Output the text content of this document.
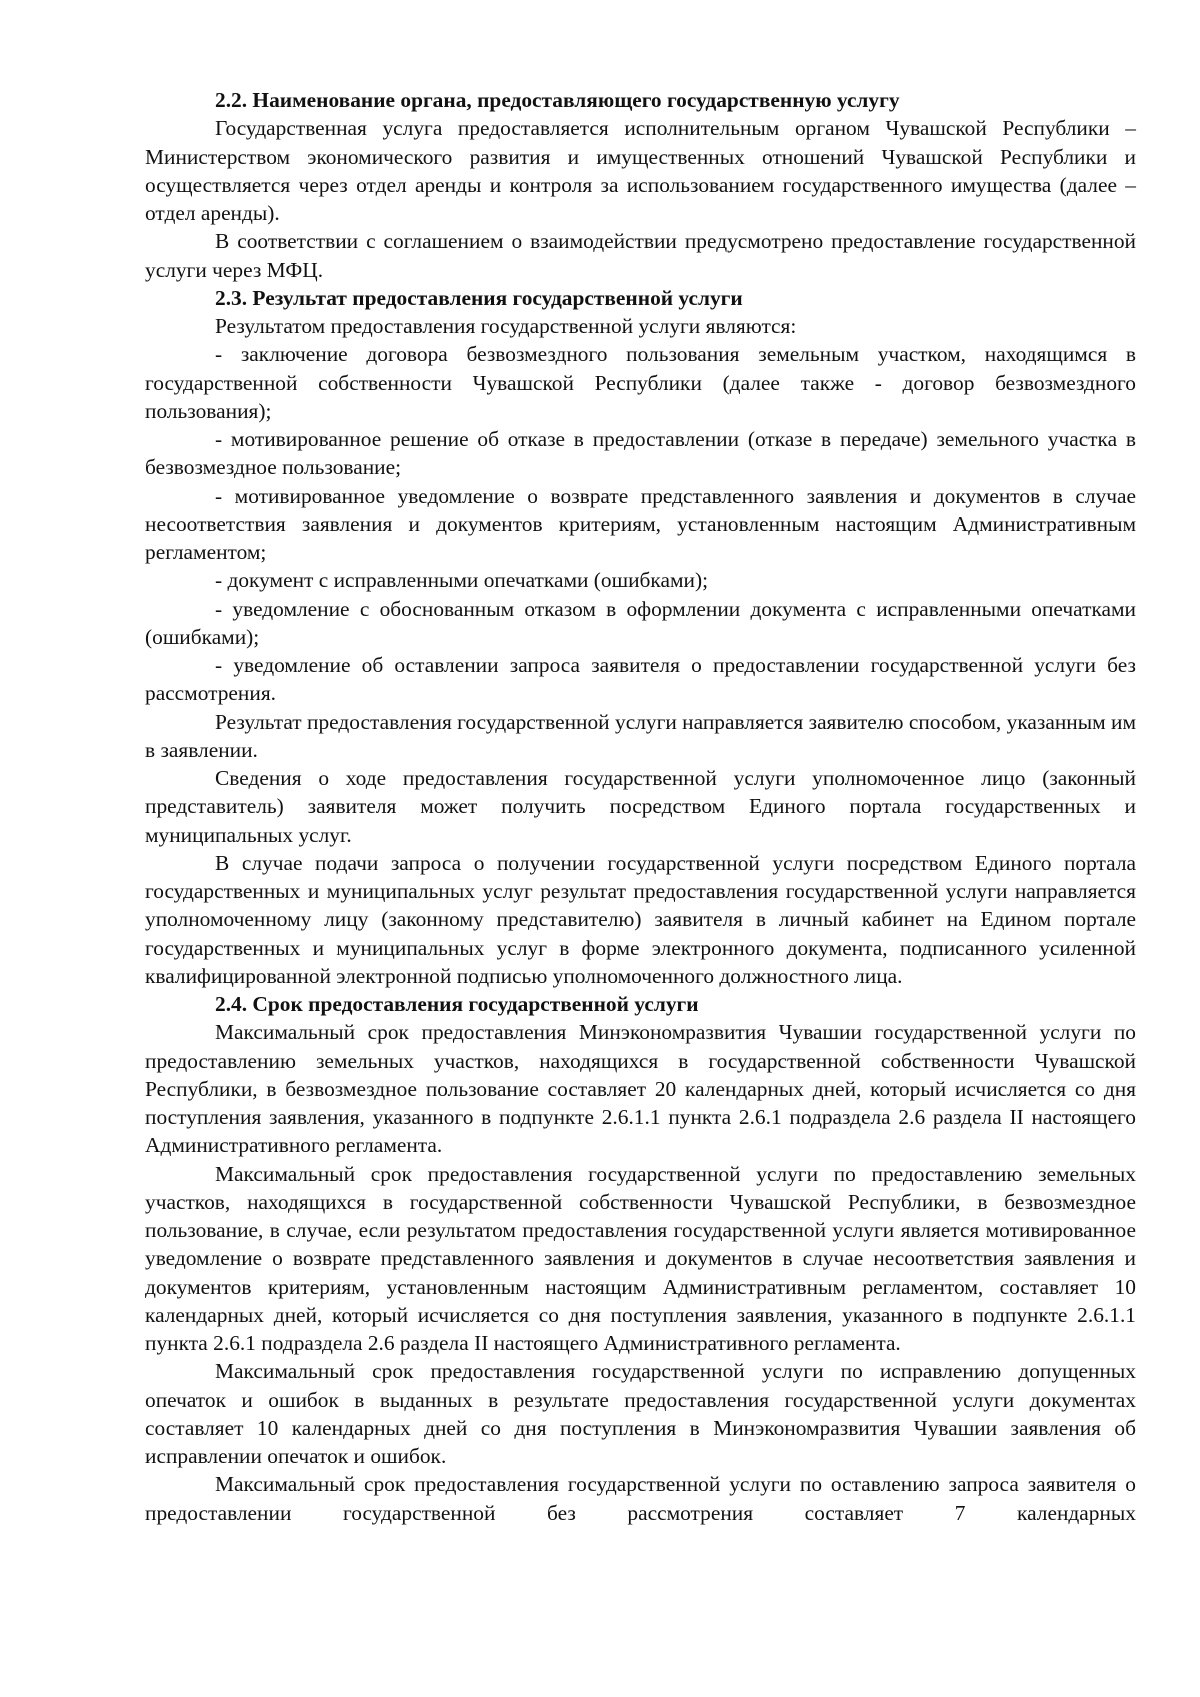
2.2. Наименование органа, предоставляющего государственную услугу

Государственная услуга предоставляется исполнительным органом Чувашской Республики – Министерством экономического развития и имущественных отношений Чувашской Республики и осуществляется через отдел аренды и контроля за использованием государственного имущества (далее – отдел аренды).

В соответствии с соглашением о взаимодействии предусмотрено предоставление государственной услуги через МФЦ.

2.3. Результат предоставления государственной услуги

Результатом предоставления государственной услуги являются:

- заключение договора безвозмездного пользования земельным участком, находящимся в государственной собственности Чувашской Республики (далее также - договор безвозмездного пользования);

- мотивированное решение об отказе в предоставлении (отказе в передаче) земельного участка в безвозмездное пользование;

- мотивированное уведомление о возврате представленного заявления и документов в случае несоответствия заявления и документов критериям, установленным настоящим Административным регламентом;

- документ с исправленными опечатками (ошибками);

- уведомление с обоснованным отказом в оформлении документа с исправленными опечатками (ошибками);

- уведомление об оставлении запроса заявителя о предоставлении государственной услуги без рассмотрения.

Результат предоставления государственной услуги направляется заявителю способом, указанным им в заявлении.

Сведения о ходе предоставления государственной услуги уполномоченное лицо (законный представитель) заявителя может получить посредством Единого портала государственных и муниципальных услуг.

В случае подачи запроса о получении государственной услуги посредством Единого портала государственных и муниципальных услуг результат предоставления государственной услуги направляется уполномоченному лицу (законному представителю) заявителя в личный кабинет на Едином портале государственных и муниципальных услуг в форме электронного документа, подписанного усиленной квалифицированной электронной подписью уполномоченного должностного лица.

2.4. Срок предоставления государственной услуги

Максимальный срок предоставления Минэкономразвития Чувашии государственной услуги по предоставлению земельных участков, находящихся в государственной собственности Чувашской Республики, в безвозмездное пользование составляет 20 календарных дней, который исчисляется со дня поступления заявления, указанного в подпункте 2.6.1.1 пункта 2.6.1 подраздела 2.6 раздела II настоящего Административного регламента.

Максимальный срок предоставления государственной услуги по предоставлению земельных участков, находящихся в государственной собственности Чувашской Республики, в безвозмездное пользование, в случае, если результатом предоставления государственной услуги является мотивированное уведомление о возврате представленного заявления и документов в случае несоответствия заявления и документов критериям, установленным настоящим Административным регламентом, составляет 10 календарных дней, который исчисляется со дня поступления заявления, указанного в подпункте 2.6.1.1 пункта 2.6.1 подраздела 2.6 раздела II настоящего Административного регламента.

Максимальный срок предоставления государственной услуги по исправлению допущенных опечаток и ошибок в выданных в результате предоставления государственной услуги документах составляет 10 календарных дней со дня поступления в Минэкономразвития Чувашии заявления об исправлении опечаток и ошибок.

Максимальный срок предоставления государственной услуги по оставлению запроса заявителя о предоставлении государственной без рассмотрения составляет 7 календарных
